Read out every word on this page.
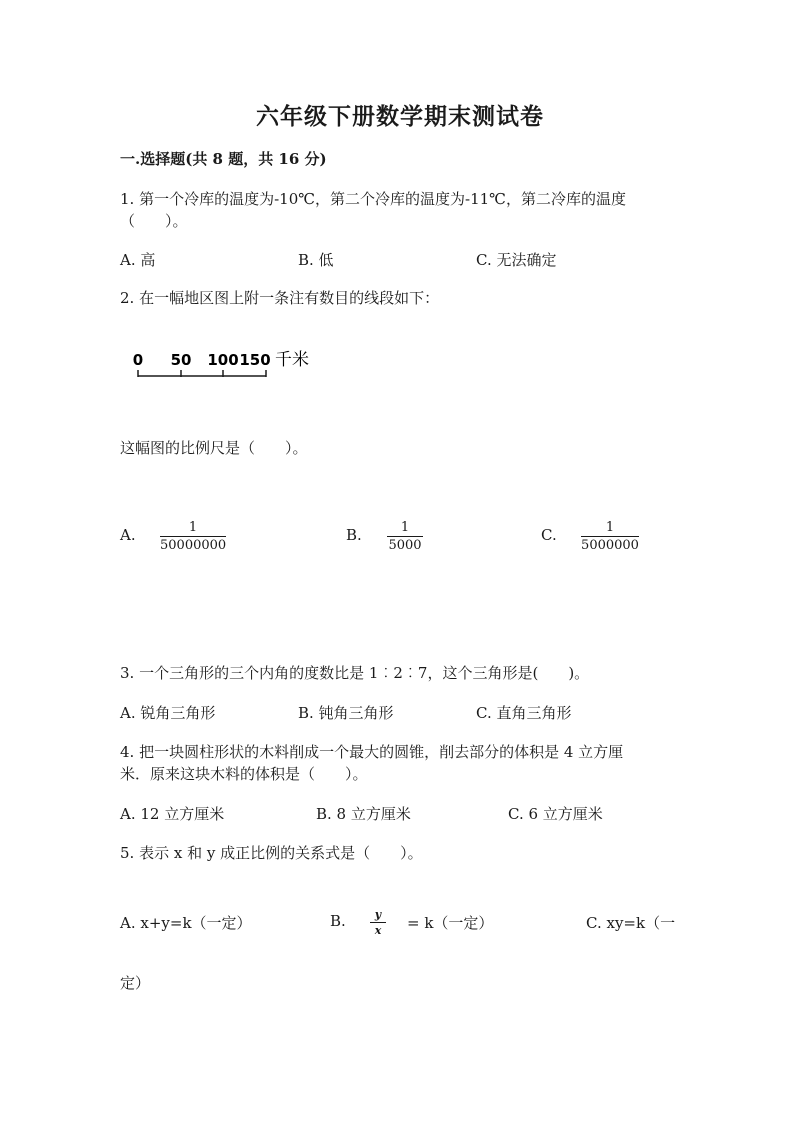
六年级下册数学期末测试卷
一.选择题(共 8 题，共 16 分)
1. 第一个冷库的温度为-10℃，第二个冷库的温度为-11℃，第二冷库的温度
（　　）。
A. 高	B. 低	C. 无法确定
2. 在一幅地区图上附一条注有数目的线段如下：
0 50 100 150 千米
这幅图的比例尺是（　　）。
A.	1
50000000
B.	1
5000
C.	1
5000000
3. 一个三角形的三个内角的度数比是 1︰2︰7，这个三角形是(　　)。
A. 锐角三角形	B. 钝角三角形	C. 直角三角形
4. 把一块圆柱形状的木料削成一个最大的圆锥，削去部分的体积是 4 立方厘
米．原来这块木料的体积是（　　）。
A. 12 立方厘米	B. 8 立方厘米	C. 6 立方厘米
5. 表示 x 和 y 成正比例的关系式是（　　）。
A. x+y=k（一定）	B.	y
x	= k（一定）	C. xy=k（一
定）
